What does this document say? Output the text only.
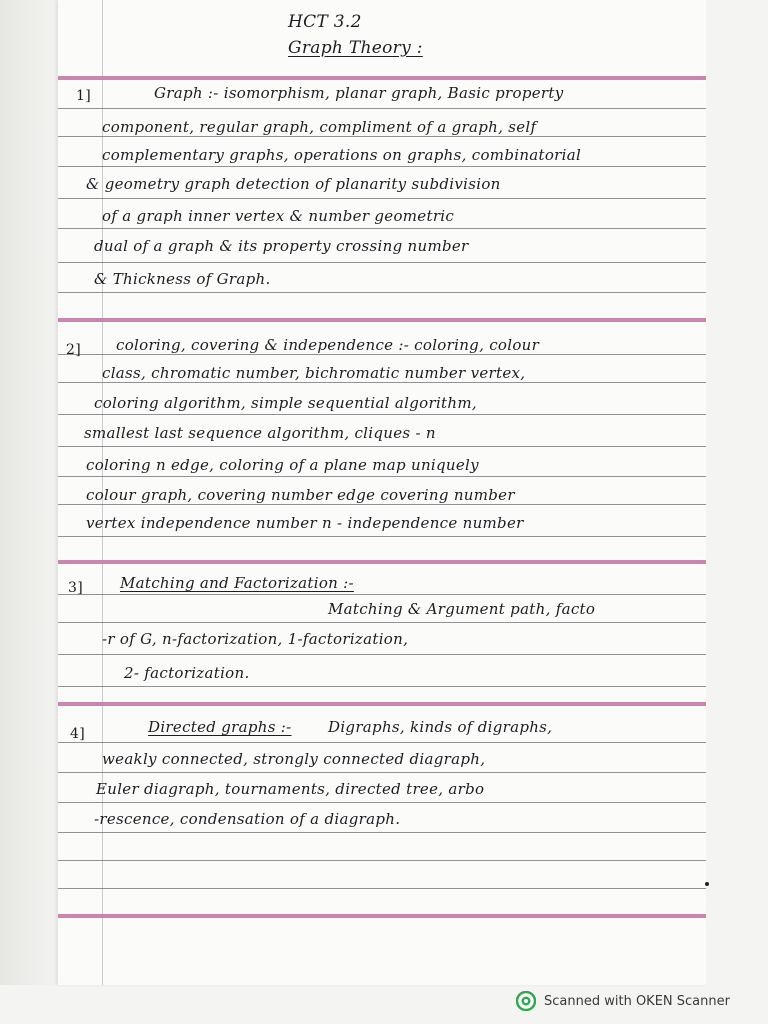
HCT 3.2
Graph Theory :
1]	Graph :- isomorphism, planar graph, Basic property
component, regular graph, compliment of a graph, self
complementary graphs, operations on graphs, combinatorial
& geometry graph detection of planarity subdivision
of a graph inner vertex & number geometric
dual of a graph & its property crossing number
& Thickness of Graph.
2] coloring, covering & independence :- coloring, colour
class, chromatic number, bichromatic number vertex,
coloring algorithm, simple sequential algorithm,
smallest last sequence algorithm, cliques - n
coloring n edge, coloring of a plane map uniquely
colour graph, covering number edge covering number
vertex independence number n - independence number
3] Matching and Factorization :-
Matching & Argument path, facto
-r of G, n-factorization, 1-factorization,
2- factorization.
4]	Directed graphs :- Digraphs, kinds of digraphs,
weakly connected, strongly connected diagraph,
Euler diagraph, tournaments, directed tree, arbo
-rescence, condensation of a diagraph.
Scanned with OKEN Scanner
